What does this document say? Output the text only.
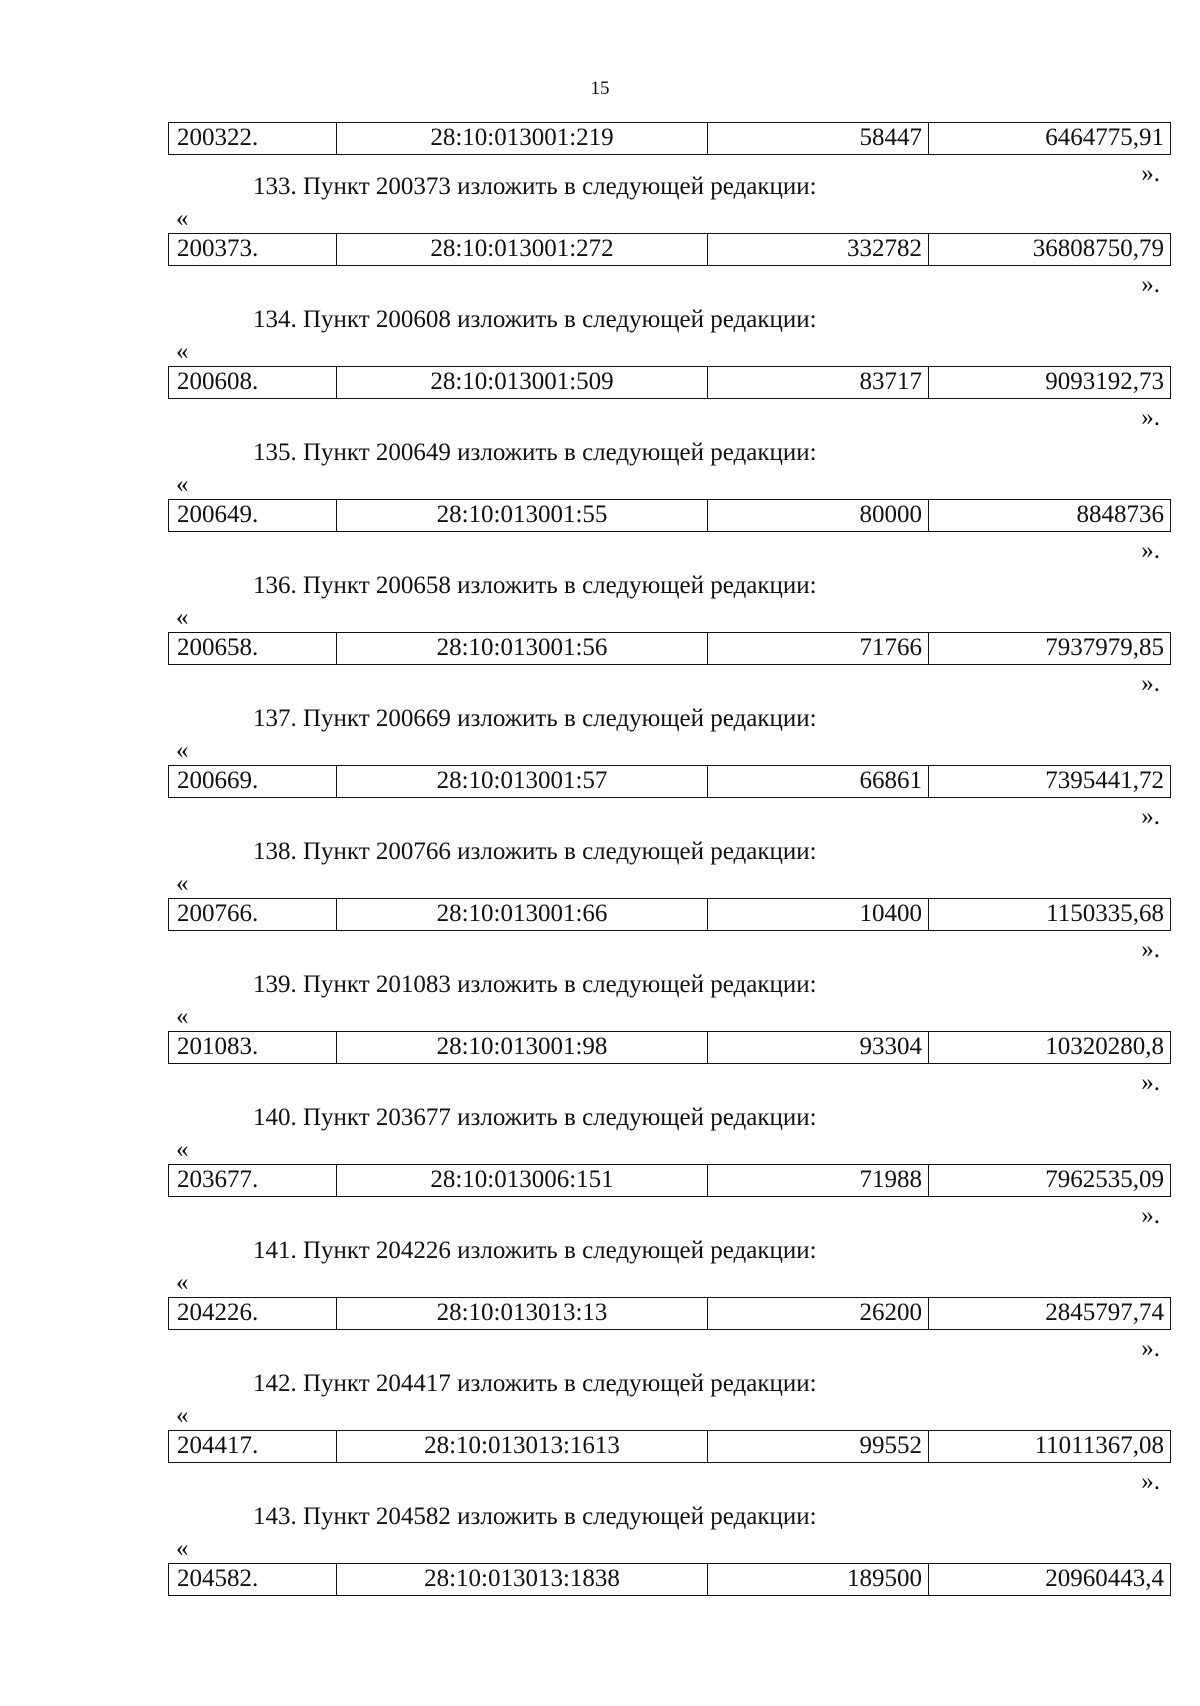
15
200322.	28:10:013001:219	58447	6464775,91
».
133. Пункт 200373 изложить в следующей редакции:
«
200373.	28:10:013001:272	332782	36808750,79
».
134. Пункт 200608 изложить в следующей редакции:
«
200608.	28:10:013001:509	83717	9093192,73
».
135. Пункт 200649 изложить в следующей редакции:
«
200649.	28:10:013001:55	80000	8848736
».
136. Пункт 200658 изложить в следующей редакции:
«
200658.	28:10:013001:56	71766	7937979,85
».
137. Пункт 200669 изложить в следующей редакции:
«
200669.	28:10:013001:57	66861	7395441,72
».
138. Пункт 200766 изложить в следующей редакции:
«
200766.	28:10:013001:66	10400	1150335,68
».
139. Пункт 201083 изложить в следующей редакции:
«
201083.	28:10:013001:98	93304	10320280,8
».
140. Пункт 203677 изложить в следующей редакции:
«
203677.	28:10:013006:151	71988	7962535,09
».
141. Пункт 204226 изложить в следующей редакции:
«
204226.	28:10:013013:13	26200	2845797,74
».
142. Пункт 204417 изложить в следующей редакции:
«
204417.	28:10:013013:1613	99552	11011367,08
».
143. Пункт 204582 изложить в следующей редакции:
«
204582.	28:10:013013:1838	189500	20960443,4
